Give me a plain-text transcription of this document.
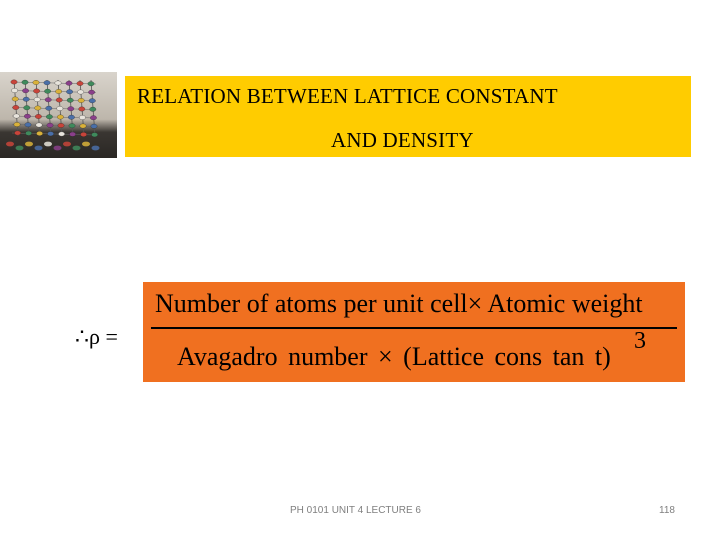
RELATION BETWEEN LATTICE CONSTANT
AND DENSITY
∴ρ =
Number of atoms per unit cell× Atomic weight
Avagadro number × (Lattice cons tan t)
3
PH 0101 UNIT 4 LECTURE 6	118
